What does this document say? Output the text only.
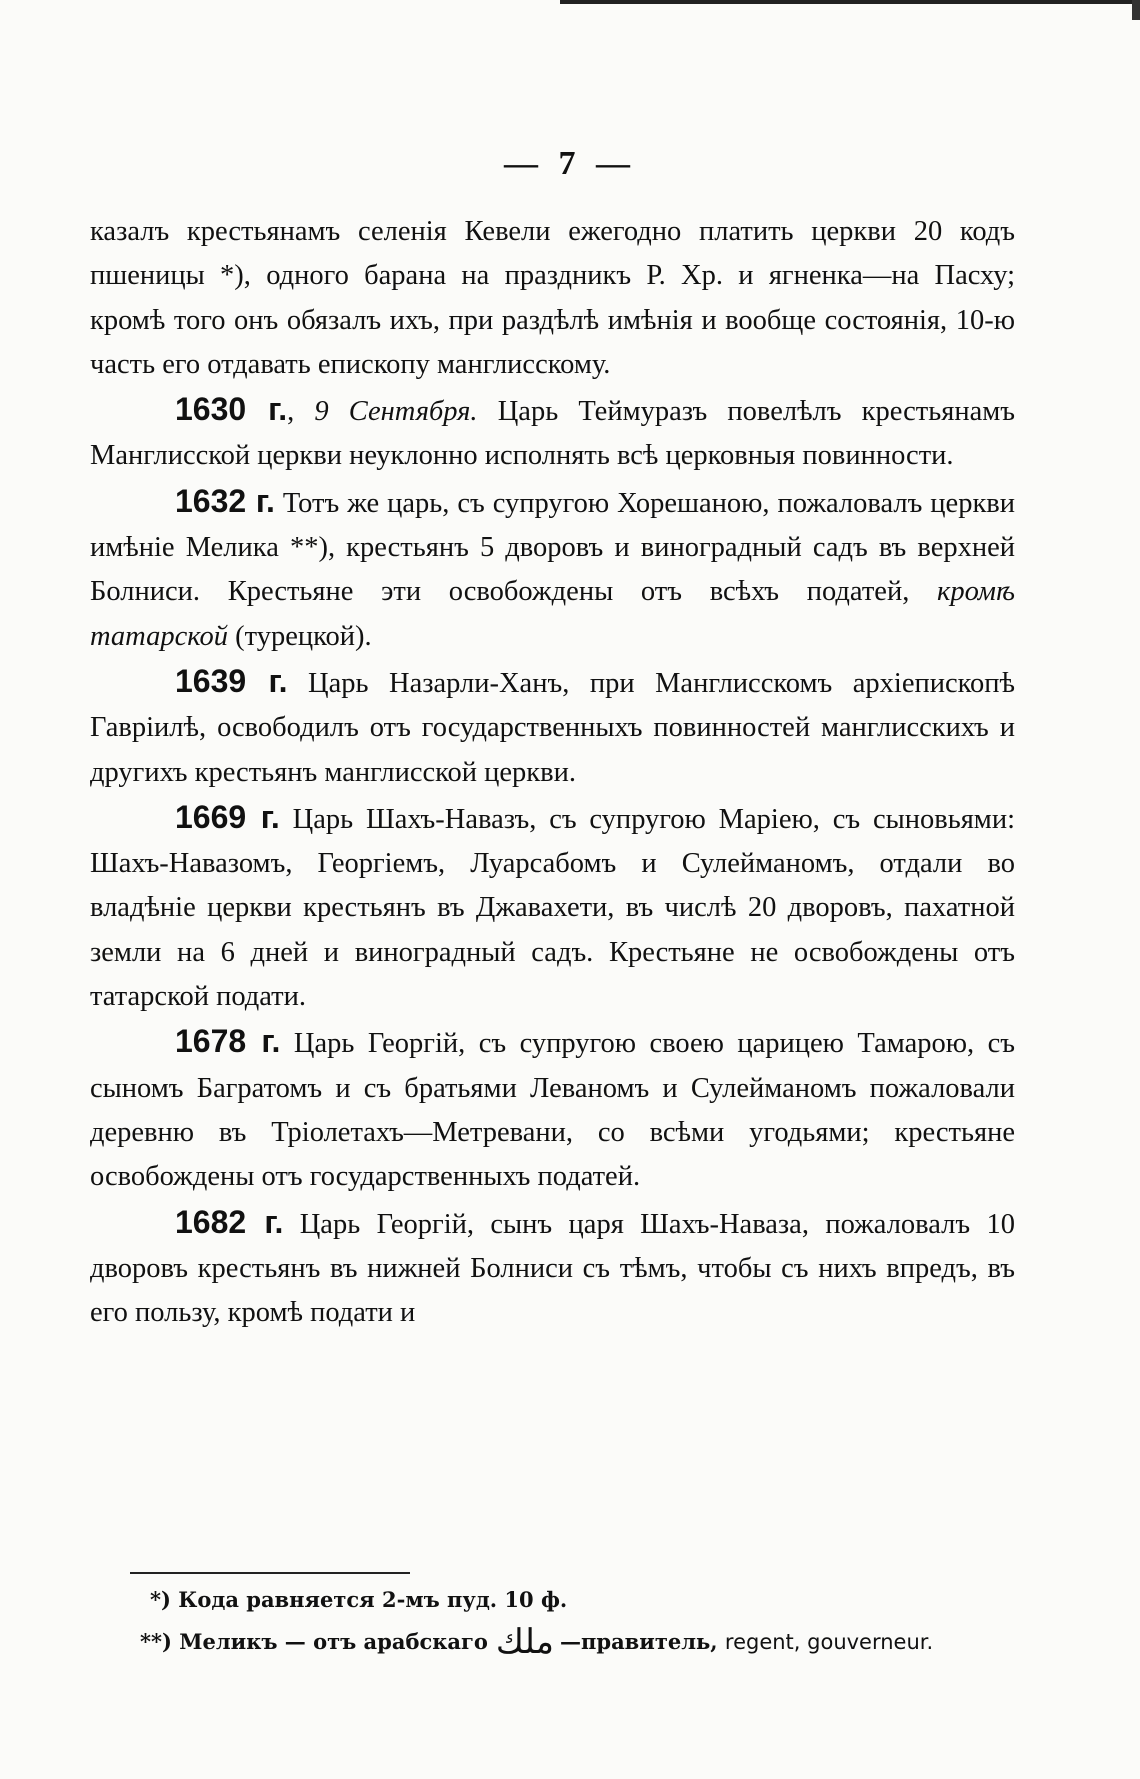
— 7 —

казалъ крестьянамъ селенія Кевели ежегодно платить церкви 20 кодъ пшеницы *), одного барана на праздникъ Р. Хр. и ягненка—на Пасху; кромѣ того онъ обязалъ ихъ, при раздѣлѣ имѣнія и вообще состоянія, 10-ю часть его отдавать епископу манглисскому.

1630 г., 9 Сентября. Царь Теймуразъ повелѣлъ крестьянамъ Манглисской церкви неуклонно исполнять всѣ церковныя повинности.

1632 г. Тотъ же царь, съ супругою Хорешаною, пожаловалъ церкви имѣніе Мелика **), крестьянъ 5 дворовъ и виноградный садъ въ верхней Болниси. Крестьяне эти освобождены отъ всѣхъ податей, кромѣ татарской (турецкой).

1639 г. Царь Назарли-Ханъ, при Манглисскомъ архіепископѣ Гавріилѣ, освободилъ отъ государственныхъ повинностей манглисскихъ и другихъ крестьянъ манглисской церкви.

1669 г. Царь Шахъ-Навазъ, съ супругою Маріею, съ сыновьями: Шахъ-Навазомъ, Георгіемъ, Луарсабомъ и Сулейманомъ, отдали во владѣніе церкви крестьянъ въ Джавахети, въ числѣ 20 дворовъ, пахатной земли на 6 дней и виноградный садъ. Крестьяне не освобождены отъ татарской подати.

1678 г. Царь Георгій, съ супругою своею царицею Тамарою, съ сыномъ Багратомъ и съ братьями Леваномъ и Сулейманомъ пожаловали деревню въ Тріолетахъ—Метревани, со всѣми угодьями; крестьяне освобождены отъ государственныхъ податей.

1682 г. Царь Георгій, сынъ царя Шахъ-Наваза, пожаловалъ 10 дворовъ крестьянъ въ нижней Болниси съ тѣмъ, чтобы съ нихъ впредъ, въ его пользу, кромѣ подати и

*) Кода равняется 2-мъ пуд. 10 ф.
**) Меликъ — отъ арабскаго ملك —правитель, regent, gouverneur.
